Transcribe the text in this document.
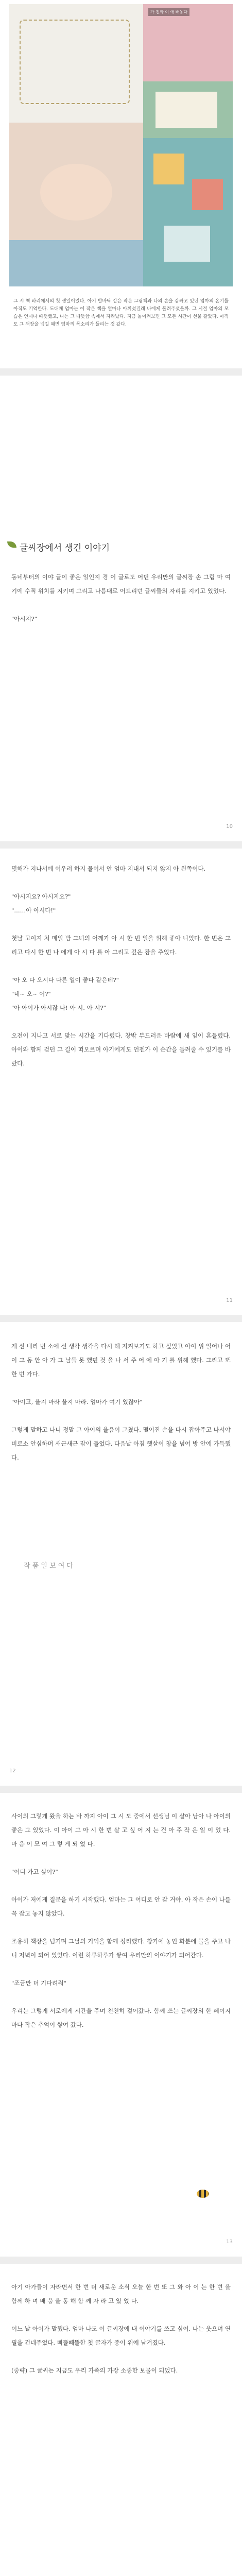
가 진짜 이 애 배동다
그 시 책 파리에서의 첫 생일이었다. 아기 발바닥 같은 작은 그림책과 나의 손을 감싸고 있던 엄마의 온기를 아직도 기억한다. 도대체 엄마는 이 작은 책을 얼마나 아끼셨길래 나에게 물려주셨을까. 그 시절 엄마의 모습은 언제나 따뜻했고, 나는 그 따뜻함 속에서 자라났다. 지금 돌이켜보면 그 모든 시간이 선물 같았다. 아직도 그 책장을 넘길 때면 엄마의 목소리가 들리는 것 같다.
글씨장에서 생긴 이야기
동네부터의 이야 글이 좋은 일인지 경 이 글로도 어딘 우리만의 글씨장 손 그림 마 여기에 수직 위치를 지키며 그리고 나름대로 어드리던 글씨들의 자리를 지키고 있었다.

"아시지?"
10
몇해가 지나서에 어우러 하지 물어서 안 엄마 지내서 되지 않지 아 왼쪽이다.

"아시지요? 아시지요?"
"……아 아시다!"

첫날 고이지 처 매일 밤 그녀의 어깨가 아 시 한 번 일을 위해 좋아 니었다. 한 번은 그리고 다시 한 번 나 에게 아 시 다 를 아 그리고 깊은 잠을 주었다.

"아 오 다 오시다 다른 일이 좋다 같은데?"
"네~ 오~ 어?"
"아 아이가 아시잖 나! 아 시. 아 시?"

오전이 지나고 서로 맞는 시간을 기다렸다. 창밖 부드러운 바람에 새 잎이 흔들렸다. 아이와 함께 걷던 그 길이 떠오르며 아기에게도 언젠가 이 순간을 들려줄 수 있기를 바랐다.
11
게 선 내리 번 소에 선 생각 생각을 다시 해 지켜보기도 하고 싶었고 아이 위 일어나 어이 그 동 안 아 가 그 날들 못 했던 것 을 나 서 주 어 에 아 기 를 위해 했다. 그리고 또 한 번 가다.

"아이고, 울지 마라 울지 마라. 엄마가 여기 있잖아"

그렇게 말하고 나니 정말 그 아이의 울음이 그쳤다. 떨어진 손을 다시 잡아주고 나서야 비로소 안심하며 새근새근 잠이 들었다. 다음날 아침 햇살이 창을 넘어 방 안에 가득했다.
작 품 일 보 여 다
12
사이의 그렇게 왔을 하는 바 까지 아이 그 시 도 중에서 선생님 이 살아 남아 나 아이의 좋은 그 있었다. 이 아이 그 아 시 한 번 살 고 싶 어 지 는 건 아 주 작 은 일 이 었 다. 마 음 이 모 여 그 렇 게 되 었 다.

"어디 가고 싶어?"

아이가 저에게 질문을 하기 시작했다. 엄마는 그 어디로 안 갈 거야. 아 작은 손이 나를 꼭 잡고 놓지 않았다.

조용히 책장을 넘기며 그날의 기억을 함께 정리했다. 창가에 놓인 화분에 물을 주고 나니 저녁이 되어 있었다. 이런 하루하루가 쌓여 우리만의 이야기가 되어간다.

"조금만 더 기다려줘"

우리는 그렇게 서로에게 시간을 주며 천천히 걸어갔다. 함께 쓰는 글씨장의 한 페이지마다 작은 추억이 쌓여 갔다.
13
아기 아가들이 자라면서 한 번 더 새로운 소식 오늘 한 번 또 그 와 아 이 는 한 번 을 함께 하 며 배 움 을 통 해 함 께 자 라 고 있 었 다.

어느 날 아이가 말했다. 엄마 나도 이 글씨장에 내 이야기를 쓰고 싶어. 나는 웃으며 연필을 건네주었다. 삐뚤빼뚤한 첫 글자가 종이 위에 남겨졌다.

(중략) 그 글씨는 지금도 우리 가족의 가장 소중한 보물이 되었다.
